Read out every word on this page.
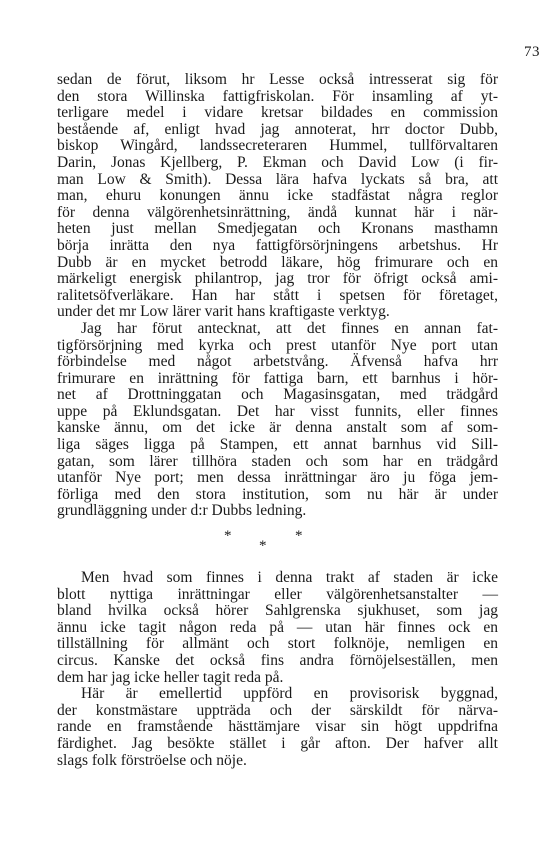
73
sedan de förut, liksom hr Lesse också intresserat sig för
den stora Willinska fattigfriskolan. För insamling af yt-
terligare medel i vidare kretsar bildades en commission
bestående af, enligt hvad jag annoterat, hrr doctor Dubb,
biskop Wingård, landssecreteraren Hummel, tullförvaltaren
Darin, Jonas Kjellberg, P. Ekman och David Low (i fir-
man Low & Smith). Dessa lära hafva lyckats så bra, att
man, ehuru konungen ännu icke stadfästat några reglor
för denna välgörenhetsinrättning, ändå kunnat här i när-
heten just mellan Smedjegatan och Kronans masthamn
börja inrätta den nya fattigförsörjningens arbetshus. Hr
Dubb är en mycket betrodd läkare, hög frimurare och en
märkeligt energisk philantrop, jag tror för öfrigt också ami-
ralitetsöfverläkare. Han har stått i spetsen för företaget,
under det mr Low lärer varit hans kraftigaste verktyg.
Jag har förut antecknat, att det finnes en annan fat-
tigförsörjning med kyrka och prest utanför Nye port utan
förbindelse med något arbetstvång. Äfvenså hafva hrr
frimurare en inrättning för fattiga barn, ett barnhus i hör-
net af Drottninggatan och Magasinsgatan, med trädgård
uppe på Eklundsgatan. Det har visst funnits, eller finnes
kanske ännu, om det icke är denna anstalt som af som-
liga säges ligga på Stampen, ett annat barnhus vid Sill-
gatan, som lärer tillhöra staden och som har en trädgård
utanför Nye port; men dessa inrättningar äro ju föga jem-
förliga med den stora institution, som nu här är under
grundläggning under d:r Dubbs ledning.
*	*
*
Men hvad som finnes i denna trakt af staden är icke
blott nyttiga inrättningar eller välgörenhetsanstalter —
bland hvilka också hörer Sahlgrenska sjukhuset, som jag
ännu icke tagit någon reda på — utan här finnes ock en
tillställning för allmänt och stort folknöje, nemligen en
circus. Kanske det också fins andra förnöjelseställen, men
dem har jag icke heller tagit reda på.
Här är emellertid uppförd en provisorisk byggnad,
der konstmästare uppträda och der särskildt för närva-
rande en framstående hästtämjare visar sin högt uppdrifna
färdighet. Jag besökte stället i går afton. Der hafver allt
slags folk förströelse och nöje.
